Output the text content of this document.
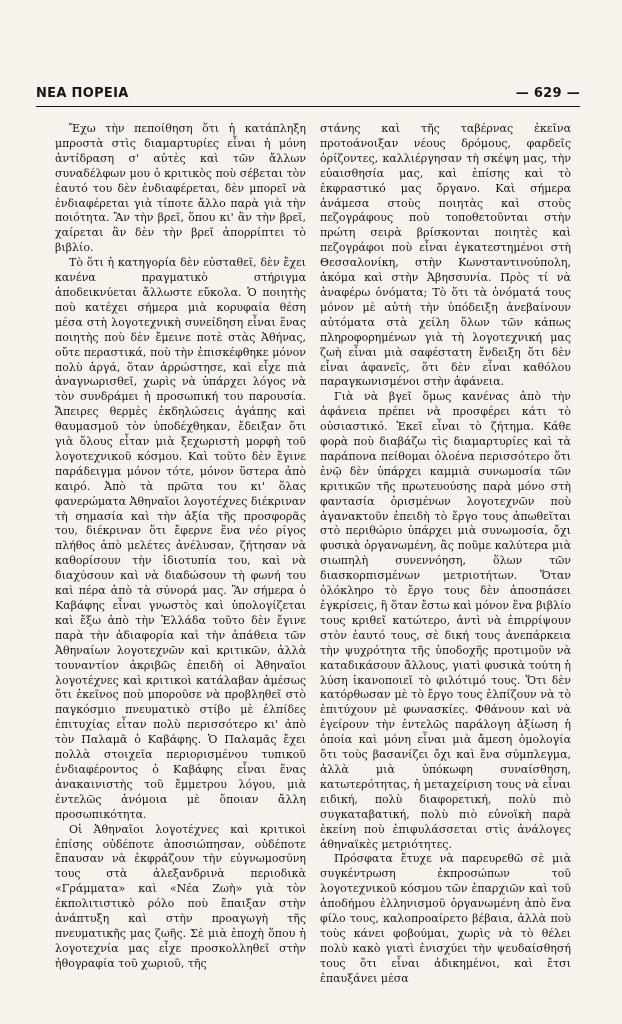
ΝΕΑ ΠΟΡΕΙΑ	— 629 —

Ἔχω τὴν πεποίθηση ὅτι ἡ κατάπληξη μπροστὰ στὶς διαμαρτυρίες εἶναι ἡ μόνη ἀντίδραση σ' αὐτὲς καὶ τῶν ἄλλων συναδέλφων μου ὁ κριτικὸς ποὺ σέβεται τὸν ἑαυτό του δὲν ἐνδιαφέρεται, δὲν μπορεῖ νὰ ἐνδιαφέρεται γιὰ τίποτε ἄλλο παρὰ γιὰ τὴν ποιότητα. Ἂν τὴν βρεῖ, ὅπου κι' ἂν τὴν βρεῖ, χαίρεται ἂν δὲν τὴν βρεῖ ἀπορρίπτει τὸ βιβλίο.

Τὸ ὅτι ἡ κατηγορία δὲν εὐσταθεῖ, δὲν ἔχει κανένα πραγματικὸ στήριγμα ἀποδεικνύεται ἄλλωστε εὔκολα. Ὁ ποιητὴς ποὺ κατέχει σήμερα μιὰ κορυφαία θέση μέσα στὴ λογοτεχνικὴ συνείδηση εἶναι ἕνας ποιητὴς ποὺ δὲν ἔμεινε ποτὲ στὰς Ἀθήνας, οὔτε περαστικά, ποὺ τὴν ἐπισκέφθηκε μόνον πολὺ ἀργά, ὅταν ἀρρώστησε, καὶ εἶχε πιὰ ἀναγνωρισθεῖ, χωρὶς νὰ ὑπάρχει λόγος νὰ τὸν συνδράμει ἡ προσωπική του παρουσία. Ἄπειρες θερμὲς ἐκδηλώσεις ἀγάπης καὶ θαυμασμοῦ τὸν ὑποδέχθηκαν, ἔδειξαν ὅτι γιὰ ὅλους εἶταν μιὰ ξεχωριστὴ μορφὴ τοῦ λογοτεχνικοῦ κόσμου. Καὶ τοῦτο δὲν ἔγινε παράδειγμα μόνον τότε, μόνον ὕστερα ἀπὸ καιρό. Ἀπὸ τὰ πρῶτα του κι' ὅλας φανερώματα Ἀθηναῖοι λογοτέχνες διέκριναν τὴ σημασία καὶ τὴν ἀξία τῆς προσφορᾶς του, διέκριναν ὅτι ἔφερνε ἕνα νέο ρίγος πλήθος ἀπὸ μελέτες ἀνέλυσαν, ζήτησαν νὰ καθορίσουν τὴν ἰδιοτυπία του, καὶ νὰ διαχύσουν καὶ νὰ διαδώσουν τὴ φωνή του καὶ πέρα ἀπὸ τὰ σύνορά μας. Ἂν σήμερα ὁ Καβάφης εἶναι γνωστὸς καὶ ὑπολογίζεται καὶ ἔξω ἀπὸ τὴν Ἑλλάδα τοῦτο δὲν ἔγινε παρὰ τὴν ἀδιαφορία καὶ τὴν ἀπάθεια τῶν Ἀθηναίων λογοτεχνῶν καὶ κριτικῶν, ἀλλὰ τουναντίον ἀκριβῶς ἐπειδὴ οἱ Ἀθηναῖοι λογοτέχνες καὶ κριτικοὶ κατάλαβαν ἀμέσως ὅτι ἐκεῖνος ποὺ μποροῦσε νὰ προβληθεῖ στὸ παγκόσμιο πνευματικὸ στίβο μὲ ἐλπίδες ἐπιτυχίας εἶταν πολὺ περισσότερο κι' ἀπὸ τὸν Παλαμᾶ ὁ Καβάφης. Ὁ Παλαμᾶς ἔχει πολλὰ στοιχεῖα περιορισμένου τυπικοῦ ἐνδιαφέροντος ὁ Καβάφης εἶναι ἕνας ἀνακαινιστὴς τοῦ ἔμμετρου λόγου, μιὰ ἐντελῶς ἀνόμοια μὲ ὅποιαν ἄλλη προσωπικότητα.

Οἱ Ἀθηναῖοι λογοτέχνες καὶ κριτικοὶ ἐπίσης οὐδέποτε ἀποσιώπησαν, οὐδέποτε ἔπαυσαν νὰ ἐκφράζουν τὴν εὐγνωμοσύνη τους στὰ ἀλεξανδρινὰ περιοδικὰ «Γράμματα» καὶ «Νέα Ζωὴ» γιὰ τὸν ἐκπολιτιστικὸ ρόλο ποὺ ἔπαιξαν στὴν ἀνάπτυξη καὶ στὴν προαγωγὴ τῆς πνευματικῆς μας ζωῆς. Σὲ μιὰ ἐποχὴ ὅπου ἡ λογοτεχνία μας εἶχε προσκολληθεῖ στὴν ἠθογραφία τοῦ χωριοῦ, τῆς

στάνης καὶ τῆς ταβέρνας ἐκεῖνα προτοάνοιξαν νέους δρόμους, φαρδεῖς ὁρίζοντες, καλλιέργησαν τὴ σκέψη μας, τὴν εὐαισθησία μας, καὶ ἐπίσης καὶ τὸ ἐκφραστικό μας ὄργανο. Καὶ σήμερα ἀνάμεσα στοὺς ποιητὰς καὶ στοὺς πεζογράφους ποὺ τοποθετοῦνται στὴν πρώτη σειρὰ βρίσκονται ποιητὲς καὶ πεζογράφοι ποὺ εἶναι ἐγκατεστημένοι στὴ Θεσσαλονίκη, στὴν Κωνσταντινούπολη, ἀκόμα καὶ στὴν Ἀβησσυνία. Πρὸς τί νὰ ἀναφέρω ὀνόματα; Τὸ ὅτι τὰ ὀνόματά τους μόνον μὲ αὐτὴ τὴν ὑπόδειξη ἀνεβαίνουν αὐτόματα στὰ χείλη ὅλων τῶν κάπως πληροφορημένων γιὰ τὴ λογοτεχνική μας ζωὴ εἶναι μιὰ σαφέστατη ἔνδειξη ὅτι δὲν εἶναι ἀφανεῖς, ὅτι δὲν εἶναι καθόλου παραγκωνισμένοι στὴν ἀφάνεια.

Γιὰ νὰ βγεῖ ὅμως κανένας ἀπὸ τὴν ἀφάνεια πρέπει νὰ προσφέρει κάτι τὸ οὐσιαστικό. Ἐκεῖ εἶναι τὸ ζήτημα. Κάθε φορὰ ποὺ διαβάζω τὶς διαμαρτυρίες καὶ τὰ παράπονα πείθομαι ὁλοένα περισσότερο ὅτι ἐνῷ δὲν ὑπάρχει καμμιὰ συνωμοσία τῶν κριτικῶν τῆς πρωτευούσης παρὰ μόνο στὴ φαντασία ὁρισμένων λογοτεχνῶν ποὺ ἀγανακτοῦν ἐπειδὴ τὸ ἔργο τους ἀπωθεῖται στὸ περιθώριο ὑπάρχει μιὰ συνωμοσία, ὄχι φυσικὰ ὀργανωμένη, ἂς ποῦμε καλύτερα μιὰ σιωπηλὴ συνεννόηση, ὅλων τῶν διασκορπισμένων μετριοτήτων. Ὅταν ὁλόκληρο τὸ ἔργο τους δὲν ἀποσπάσει ἐγκρίσεις, ἢ ὅταν ἔστω καὶ μόνον ἕνα βιβλίο τους κριθεῖ κατώτερο, ἀντὶ νὰ ἐπιρρίψουν στὸν ἑαυτό τους, σὲ δική τους ἀνεπάρκεια τὴν ψυχρότητα τῆς ὑποδοχῆς προτιμοῦν νὰ καταδικάσουν ἄλλους, γιατὶ φυσικὰ τούτη ἡ λύση ἱκανοποιεῖ τὸ φιλότιμό τους. Ὅτι δὲν κατόρθωσαν μὲ τὸ ἔργο τους ἐλπίζουν νὰ τὸ ἐπιτύχουν μὲ φωνασκίες. Φθάνουν καὶ νὰ ἐγείρουν τὴν ἐντελῶς παράλογη ἀξίωση ἡ ὁποία καὶ μόνη εἶναι μιὰ ἄμεση ὁμολογία ὅτι τοὺς βασανίζει ὄχι καὶ ἕνα σύμπλεγμα, ἀλλὰ μιὰ ὑπόκωφη συναίσθηση, κατωτερότητας, ἡ μεταχείριση τους νὰ εἶναι ειδική, πολὺ διαφορετική, πολὺ πιὸ συγκαταβατική, πολὺ πιὸ εὐνοϊκὴ παρὰ ἐκείνη ποὺ ἐπιφυλάσσεται στὶς ἀνάλογες ἀθηναϊκὲς μετριότητες.

Πρόσφατα ἔτυχε νὰ παρευρεθῶ σὲ μιὰ συγκέντρωση ἐκπροσώπων τοῦ λογοτεχνικοῦ κόσμου τῶν ἐπαρχιῶν καὶ τοῦ ἀποδήμου ἑλληνισμοῦ ὀργανωμένη ἀπὸ ἕνα φίλο τους, καλοπροαίρετο βέβαια, ἀλλὰ ποὺ τοὺς κάνει φοβούμαι, χωρὶς νὰ τὸ θέλει πολὺ κακὸ γιατὶ ἐνισχύει τὴν ψευδαίσθησή τους ὅτι εἶναι ἀδικημένοι, καὶ ἔτσι ἐπαυξάνει μέσα
